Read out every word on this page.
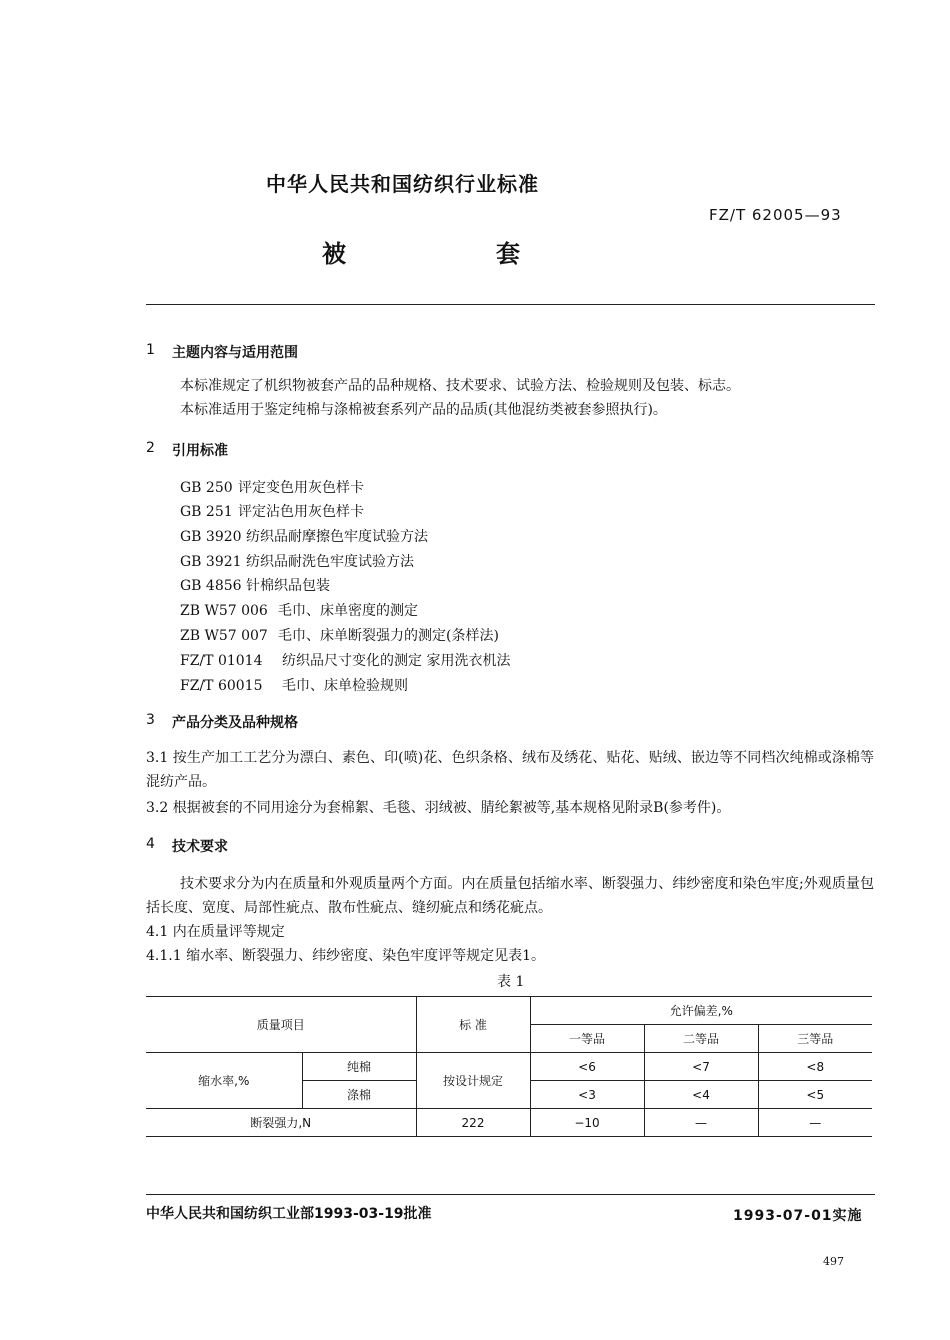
中华人民共和国纺织行业标准
FZ/T 62005—93
被	套
1 主题内容与适用范围
本标准规定了机织物被套产品的品种规格、技术要求、试验方法、检验规则及包装、标志。
本标准适用于鉴定纯棉与涤棉被套系列产品的品质(其他混纺类被套参照执行)。
2 引用标准
GB 250 评定变色用灰色样卡
GB 251 评定沾色用灰色样卡
GB 3920 纺织品耐摩擦色牢度试验方法
GB 3921 纺织品耐洗色牢度试验方法
GB 4856 针棉织品包装
ZB W57 006 毛巾、床单密度的测定
ZB W57 007 毛巾、床单断裂强力的测定(条样法)
FZ/T 01014 纺织品尺寸变化的测定 家用洗衣机法
FZ/T 60015 毛巾、床单检验规则
3 产品分类及品种规格
3.1 按生产加工工艺分为漂白、素色、印(喷)花、色织条格、绒布及绣花、贴花、贴绒、嵌边等不同档次纯棉或涤棉等混纺产品。
3.2 根据被套的不同用途分为套棉絮、毛毯、羽绒被、腈纶絮被等,基本规格见附录B(参考件)。
4 技术要求
技术要求分为内在质量和外观质量两个方面。内在质量包括缩水率、断裂强力、纬纱密度和染色牢度;外观质量包括长度、宽度、局部性疵点、散布性疵点、缝纫疵点和绣花疵点。
4.1 内在质量评等规定
4.1.1 缩水率、断裂强力、纬纱密度、染色牢度评等规定见表1。
表 1
质量项目		标 准	允许偏差,%		
			一等品	二等品	三等品
缩水率,%	纯棉	按设计规定	<6	<7	<8
	涤棉		<3	<4	<5
断裂强力,N		222	−10	—	—
中华人民共和国纺织工业部1993-03-19批准	1993-07-01实施
497
